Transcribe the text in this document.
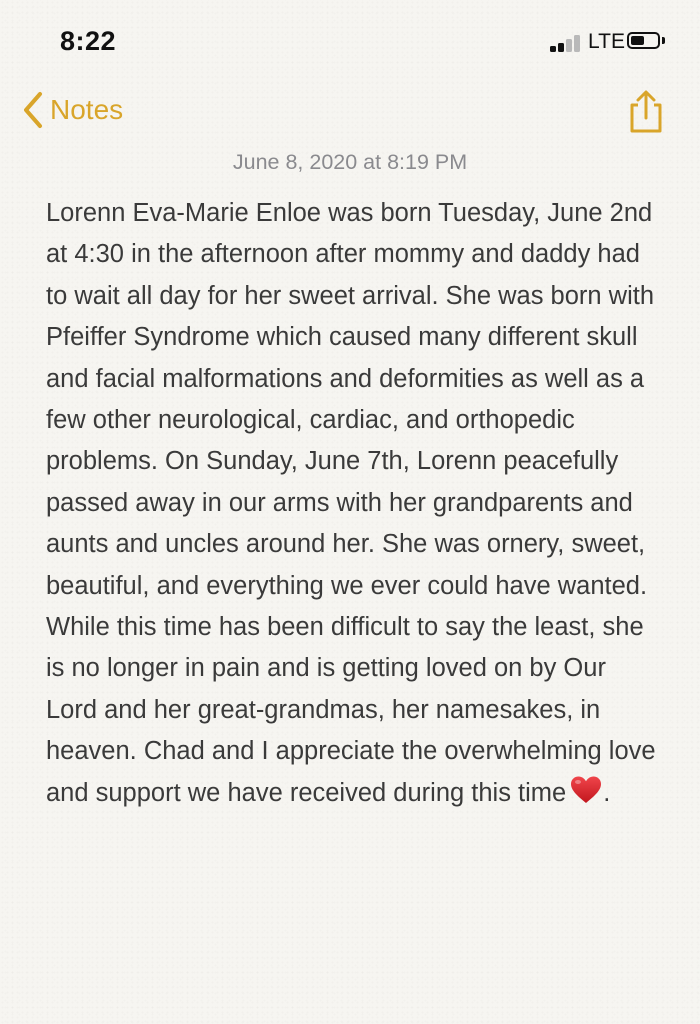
8:22	LTE
Notes
June 8, 2020 at 8:19 PM

Lorenn Eva-Marie Enloe was born Tuesday, June 2nd at 4:30 in the afternoon after mommy and daddy had to wait all day for her sweet arrival. She was born with Pfeiffer Syndrome which caused many different skull and facial malformations and deformities as well as a few other neurological, cardiac, and orthopedic problems. On Sunday, June 7th, Lorenn peacefully passed away in our arms with her grandparents and aunts and uncles around her. She was ornery, sweet, beautiful, and everything we ever could have wanted. While this time has been difficult to say the least, she is no longer in pain and is getting loved on by Our Lord and her great-grandmas, her namesakes, in heaven. Chad and I appreciate the overwhelming love and support we have received during this time .
